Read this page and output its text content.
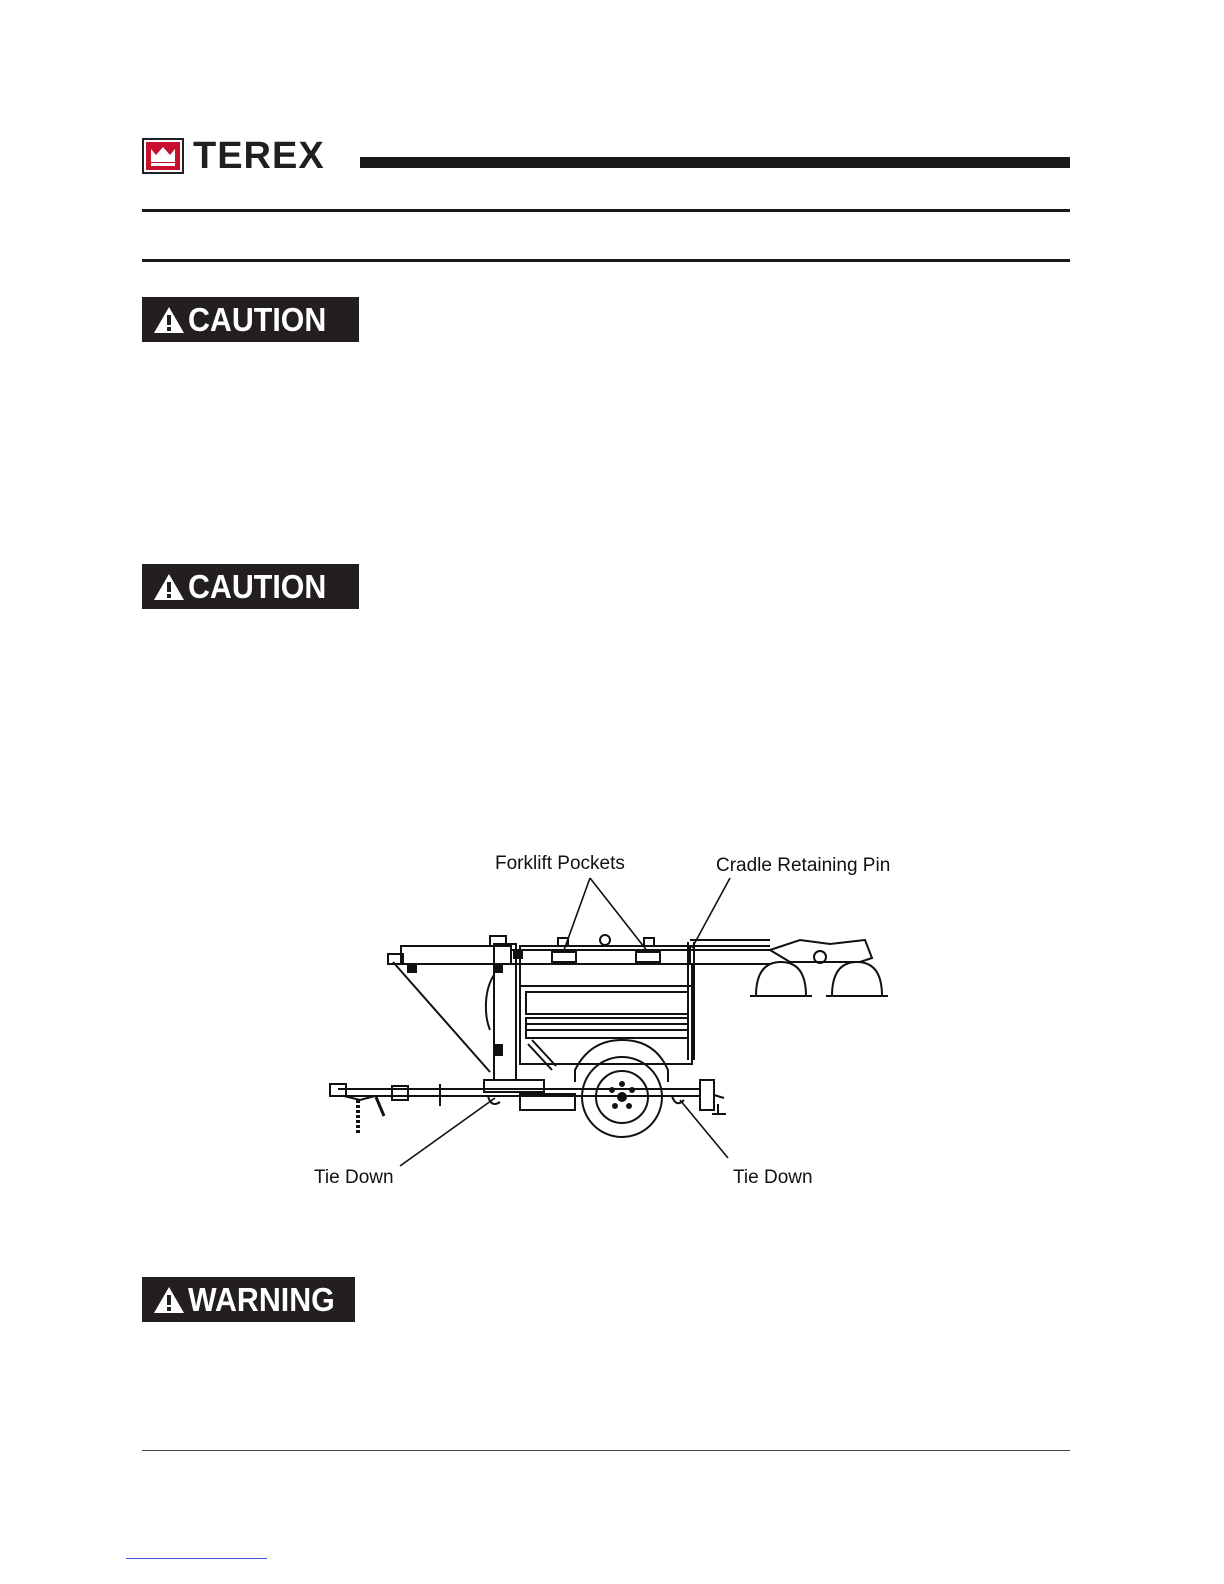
TEREX
CAUTION
CAUTION
Forklift Pockets	Cradle Retaining Pin
Tie Down	Tie Down
WARNING
